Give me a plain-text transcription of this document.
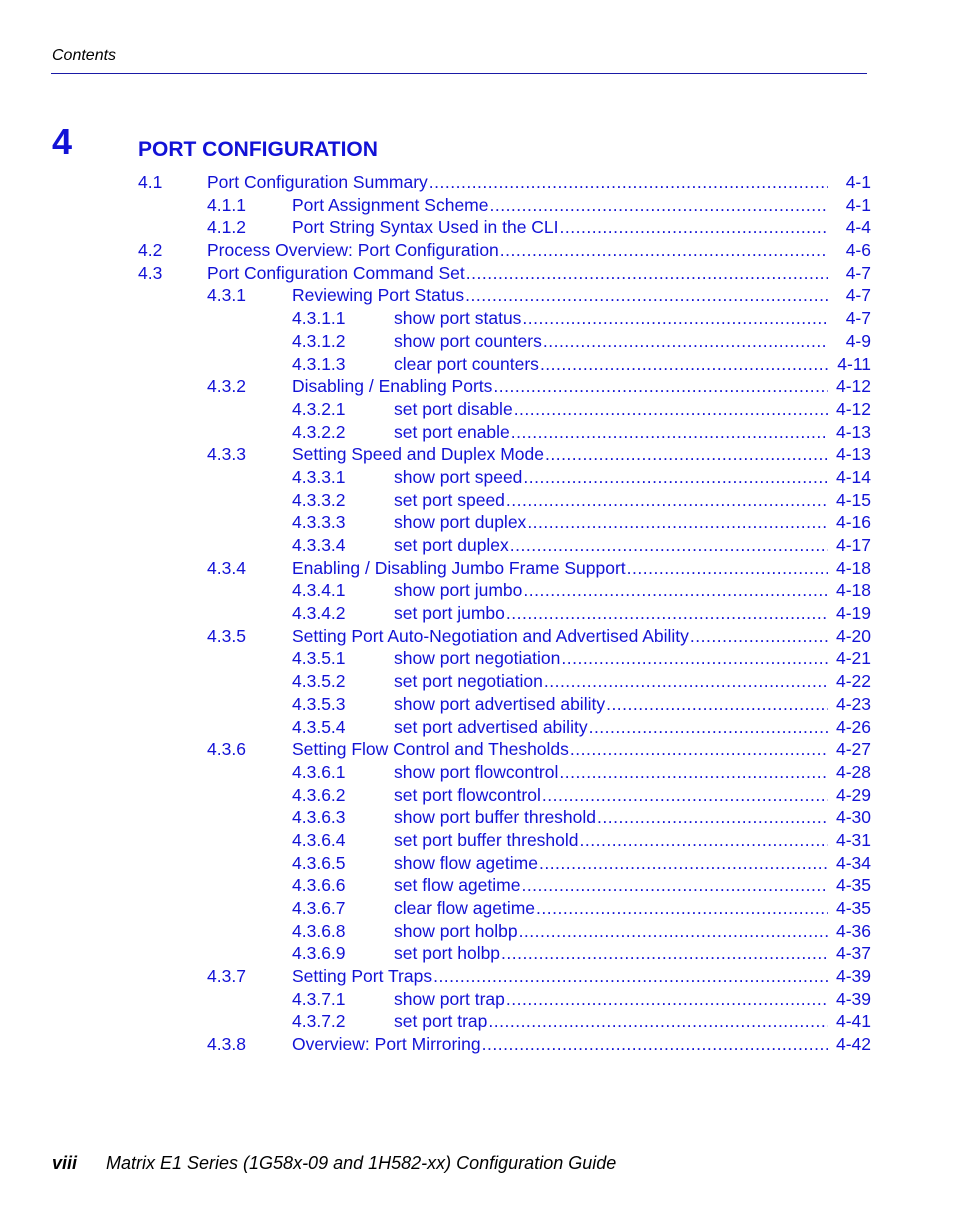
Contents
4	PORT CONFIGURATION
4.1	Port Configuration Summary .....	4-1
4.1.1	Port Assignment Scheme .....	4-1
4.1.2	Port String Syntax Used in the CLI .....	4-4
4.2	Process Overview: Port Configuration .....	4-6
4.3	Port Configuration Command Set .....	4-7
4.3.1	Reviewing Port Status .....	4-7
4.3.1.1	show port status .....	4-7
4.3.1.2	show port counters .....	4-9
4.3.1.3	clear port counters .....	4-11
4.3.2	Disabling / Enabling Ports .....	4-12
4.3.2.1	set port disable .....	4-12
4.3.2.2	set port enable .....	4-13
4.3.3	Setting Speed and Duplex Mode .....	4-13
4.3.3.1	show port speed .....	4-14
4.3.3.2	set port speed .....	4-15
4.3.3.3	show port duplex .....	4-16
4.3.3.4	set port duplex .....	4-17
4.3.4	Enabling / Disabling Jumbo Frame Support .....	4-18
4.3.4.1	show port jumbo .....	4-18
4.3.4.2	set port jumbo .....	4-19
4.3.5	Setting Port Auto-Negotiation and Advertised Ability .....	4-20
4.3.5.1	show port negotiation .....	4-21
4.3.5.2	set port negotiation .....	4-22
4.3.5.3	show port advertised ability .....	4-23
4.3.5.4	set port advertised ability .....	4-26
4.3.6	Setting Flow Control and Thesholds .....	4-27
4.3.6.1	show port flowcontrol .....	4-28
4.3.6.2	set port flowcontrol .....	4-29
4.3.6.3	show port buffer threshold .....	4-30
4.3.6.4	set port buffer threshold .....	4-31
4.3.6.5	show flow agetime .....	4-34
4.3.6.6	set flow agetime .....	4-35
4.3.6.7	clear flow agetime .....	4-35
4.3.6.8	show port holbp .....	4-36
4.3.6.9	set port holbp .....	4-37
4.3.7	Setting Port Traps .....	4-39
4.3.7.1	show port trap .....	4-39
4.3.7.2	set port trap .....	4-41
4.3.8	Overview: Port Mirroring .....	4-42
viii Matrix E1 Series (1G58x-09 and 1H582-xx) Configuration Guide
